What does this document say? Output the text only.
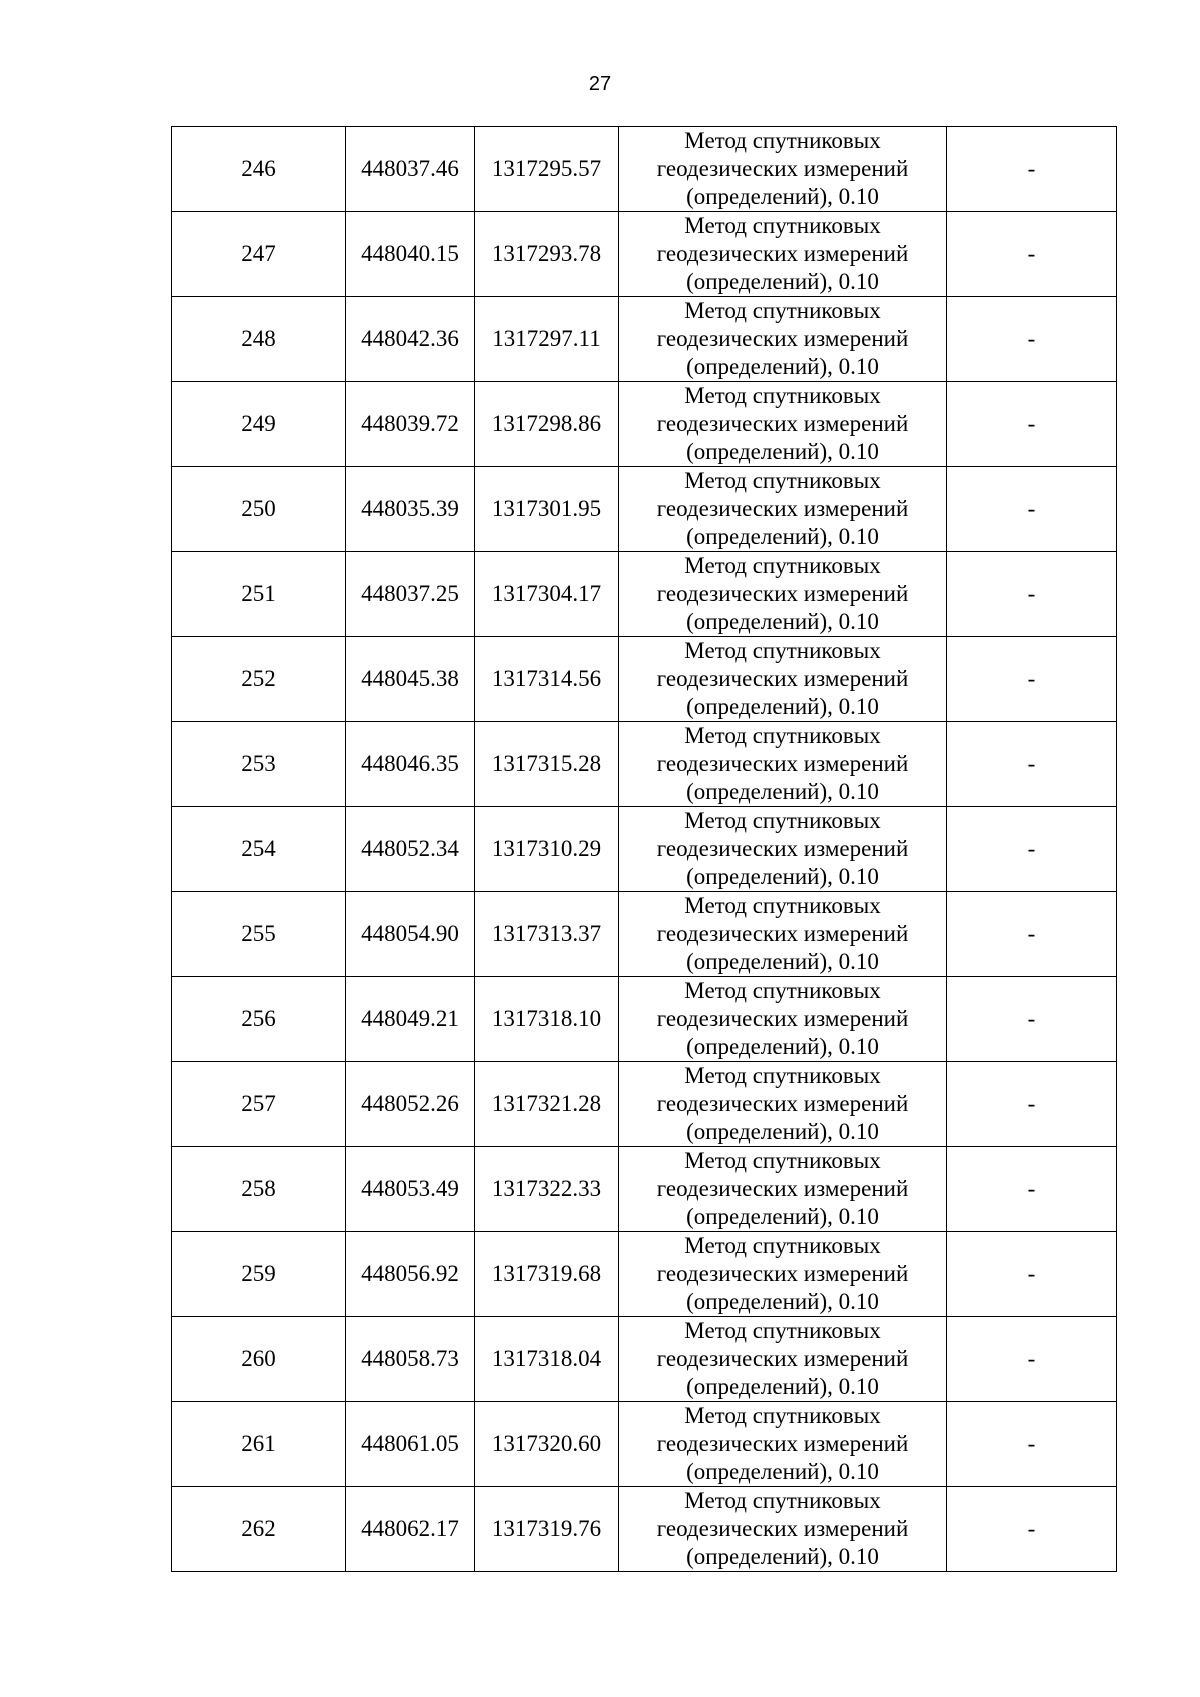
27
246	448037.46	1317295.57	Метод спутниковых
геодезических измерений
(определений), 0.10	-
247	448040.15	1317293.78	Метод спутниковых
геодезических измерений
(определений), 0.10	-
248	448042.36	1317297.11	Метод спутниковых
геодезических измерений
(определений), 0.10	-
249	448039.72	1317298.86	Метод спутниковых
геодезических измерений
(определений), 0.10	-
250	448035.39	1317301.95	Метод спутниковых
геодезических измерений
(определений), 0.10	-
251	448037.25	1317304.17	Метод спутниковых
геодезических измерений
(определений), 0.10	-
252	448045.38	1317314.56	Метод спутниковых
геодезических измерений
(определений), 0.10	-
253	448046.35	1317315.28	Метод спутниковых
геодезических измерений
(определений), 0.10	-
254	448052.34	1317310.29	Метод спутниковых
геодезических измерений
(определений), 0.10	-
255	448054.90	1317313.37	Метод спутниковых
геодезических измерений
(определений), 0.10	-
256	448049.21	1317318.10	Метод спутниковых
геодезических измерений
(определений), 0.10	-
257	448052.26	1317321.28	Метод спутниковых
геодезических измерений
(определений), 0.10	-
258	448053.49	1317322.33	Метод спутниковых
геодезических измерений
(определений), 0.10	-
259	448056.92	1317319.68	Метод спутниковых
геодезических измерений
(определений), 0.10	-
260	448058.73	1317318.04	Метод спутниковых
геодезических измерений
(определений), 0.10	-
261	448061.05	1317320.60	Метод спутниковых
геодезических измерений
(определений), 0.10	-
262	448062.17	1317319.76	Метод спутниковых
геодезических измерений
(определений), 0.10	-
